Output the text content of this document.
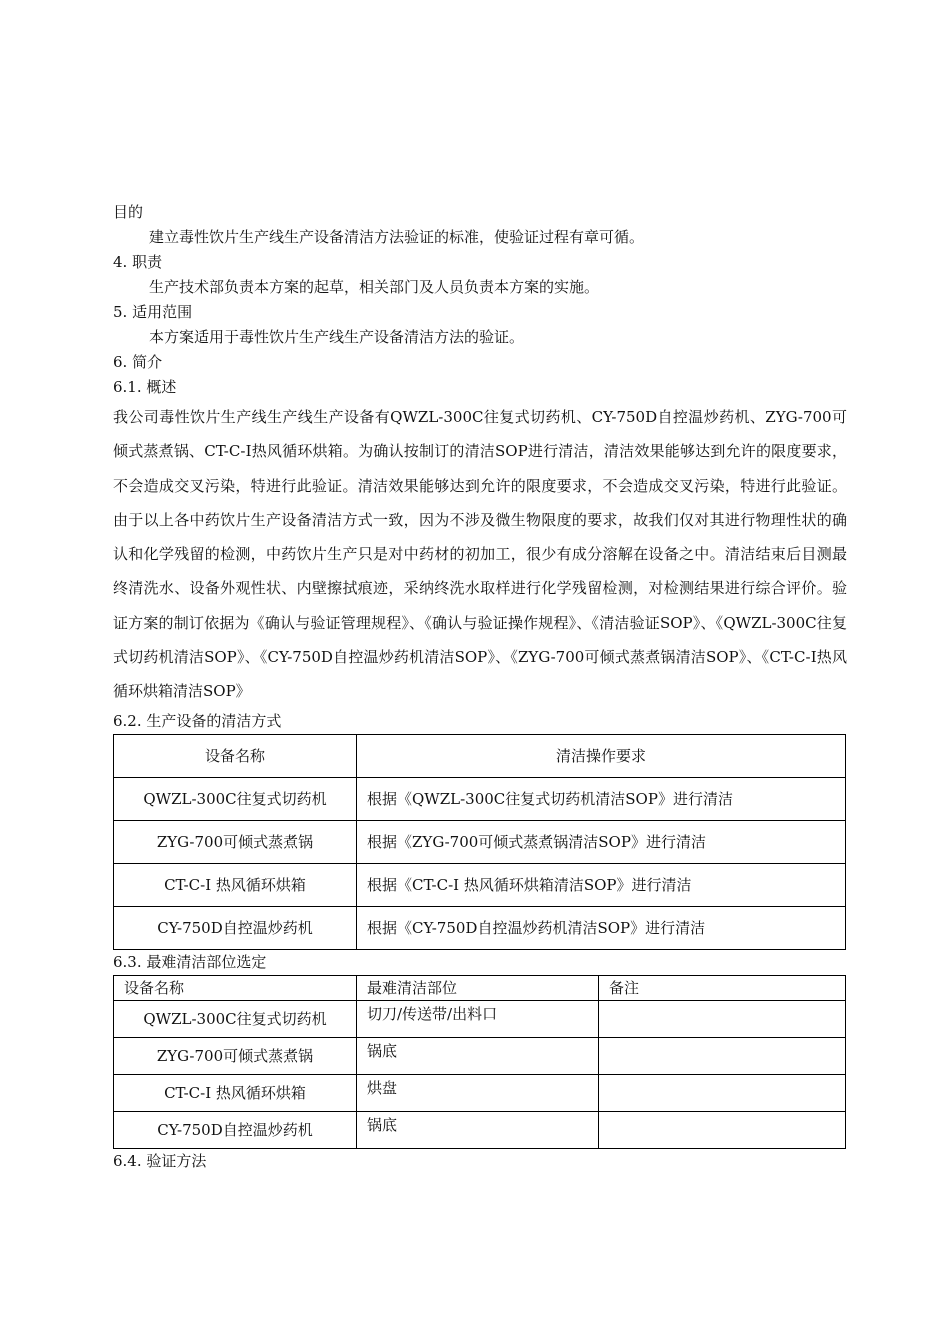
目的
建立毒性饮片生产线生产设备清洁方法验证的标准，使验证过程有章可循。
4. 职责
生产技术部负责本方案的起草，相关部门及人员负责本方案的实施。
5. 适用范围
本方案适用于毒性饮片生产线生产设备清洁方法的验证。
6. 简介
6.1. 概述
我公司毒性饮片生产线生产线生产设备有QWZL-300C往复式切药机、CY-750D自控温炒药机、ZYG-700可倾式蒸煮锅、CT-C-Ⅰ热风循环烘箱。为确认按制订的清洁SOP进行清洁，清洁效果能够达到允许的限度要求，不会造成交叉污染，特进行此验证。清洁效果能够达到允许的限度要求，不会造成交叉污染，特进行此验证。由于以上各中药饮片生产设备清洁方式一致，因为不涉及微生物限度的要求，故我们仅对其进行物理性状的确认和化学残留的检测，中药饮片生产只是对中药材的初加工，很少有成分溶解在设备之中。清洁结束后目测最终清洗水、设备外观性状、内壁擦拭痕迹，采纳终洗水取样进行化学残留检测，对检测结果进行综合评价。验证方案的制订依据为《确认与验证管理规程》、《确认与验证操作规程》、《清洁验证SOP》、《QWZL-300C往复式切药机清洁SOP》、《CY-750D自控温炒药机清洁SOP》、《ZYG-700可倾式蒸煮锅清洁SOP》、《CT-C-Ⅰ热风循环烘箱清洁SOP》
6.2. 生产设备的清洁方式
设备名称	清洁操作要求
QWZL-300C往复式切药机	根据《QWZL-300C往复式切药机清洁SOP》进行清洁
ZYG-700可倾式蒸煮锅	根据《ZYG-700可倾式蒸煮锅清洁SOP》进行清洁
CT-C-Ⅰ 热风循环烘箱	根据《CT-C-Ⅰ 热风循环烘箱清洁SOP》进行清洁
CY-750D自控温炒药机	根据《CY-750D自控温炒药机清洁SOP》进行清洁
6.3. 最难清洁部位选定
设备名称	最难清洁部位	备注
QWZL-300C往复式切药机	切刀/传送带/出料口	
ZYG-700可倾式蒸煮锅	锅底	
CT-C-Ⅰ 热风循环烘箱	烘盘	
CY-750D自控温炒药机	锅底	
6.4. 验证方法
